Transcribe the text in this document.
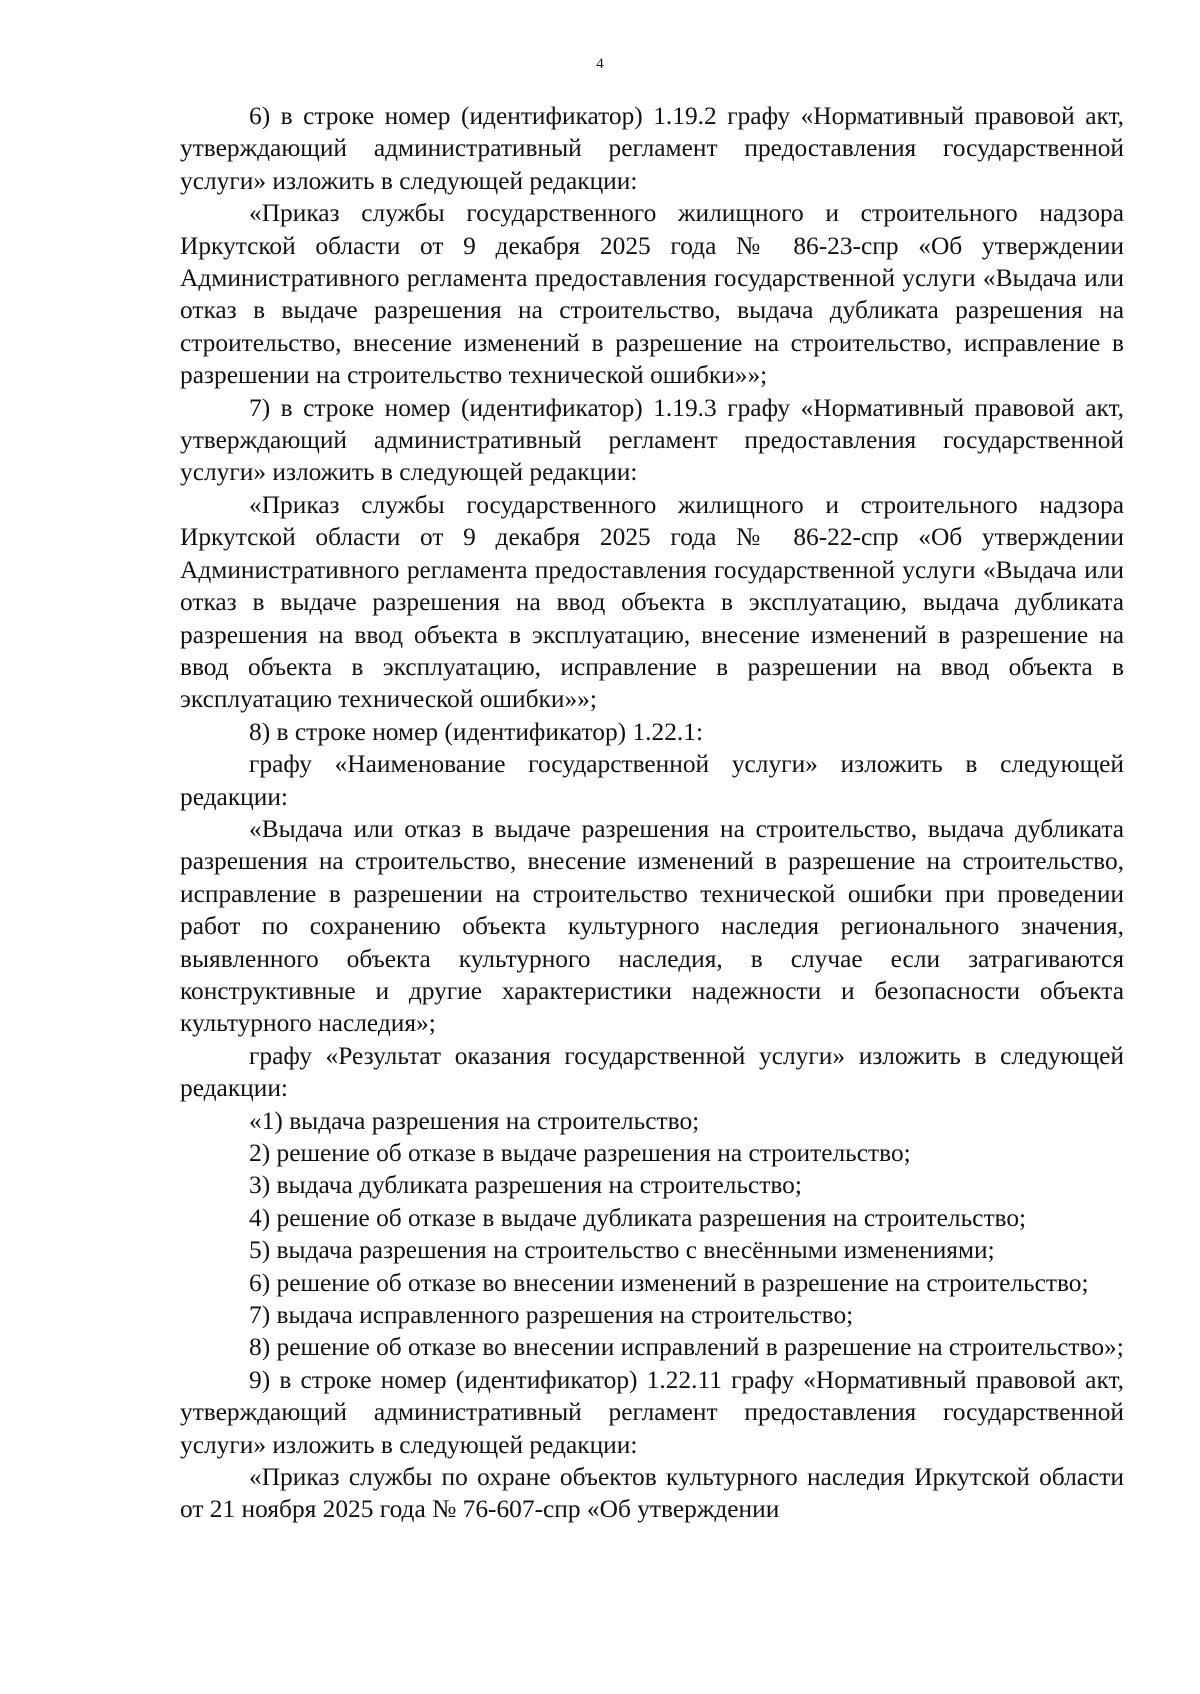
4

6) в строке номер (идентификатор) 1.19.2 графу «Нормативный правовой акт, утверждающий административный регламент предоставления государственной услуги» изложить в следующей редакции:

«Приказ службы государственного жилищного и строительного надзора Иркутской области от 9 декабря 2025 года № 86-23-спр «Об утверждении Административного регламента предоставления государственной услуги «Выдача или отказ в выдаче разрешения на строительство, выдача дубликата разрешения на строительство, внесение изменений в разрешение на строительство, исправление в разрешении на строительство технической ошибки»»;

7) в строке номер (идентификатор) 1.19.3 графу «Нормативный правовой акт, утверждающий административный регламент предоставления государственной услуги» изложить в следующей редакции:

«Приказ службы государственного жилищного и строительного надзора Иркутской области от 9 декабря 2025 года № 86-22-спр «Об утверждении Административного регламента предоставления государственной услуги «Выдача или отказ в выдаче разрешения на ввод объекта в эксплуатацию, выдача дубликата разрешения на ввод объекта в эксплуатацию, внесение изменений в разрешение на ввод объекта в эксплуатацию, исправление в разрешении на ввод объекта в эксплуатацию технической ошибки»»;

8) в строке номер (идентификатор) 1.22.1:

графу «Наименование государственной услуги» изложить в следующей редакции:

«Выдача или отказ в выдаче разрешения на строительство, выдача дубликата разрешения на строительство, внесение изменений в разрешение на строительство, исправление в разрешении на строительство технической ошибки при проведении работ по сохранению объекта культурного наследия регионального значения, выявленного объекта культурного наследия, в случае если затрагиваются конструктивные и другие характеристики надежности и безопасности объекта культурного наследия»;

графу «Результат оказания государственной услуги» изложить в следующей редакции:

«1) выдача разрешения на строительство;

2) решение об отказе в выдаче разрешения на строительство;

3) выдача дубликата разрешения на строительство;

4) решение об отказе в выдаче дубликата разрешения на строительство;

5) выдача разрешения на строительство с внесёнными изменениями;

6) решение об отказе во внесении изменений в разрешение на строительство;

7) выдача исправленного разрешения на строительство;

8) решение об отказе во внесении исправлений в разрешение на строительство»;

9) в строке номер (идентификатор) 1.22.11 графу «Нормативный правовой акт, утверждающий административный регламент предоставления государственной услуги» изложить в следующей редакции:

«Приказ службы по охране объектов культурного наследия Иркутской области от 21 ноября 2025 года № 76-607-спр «Об утверждении
